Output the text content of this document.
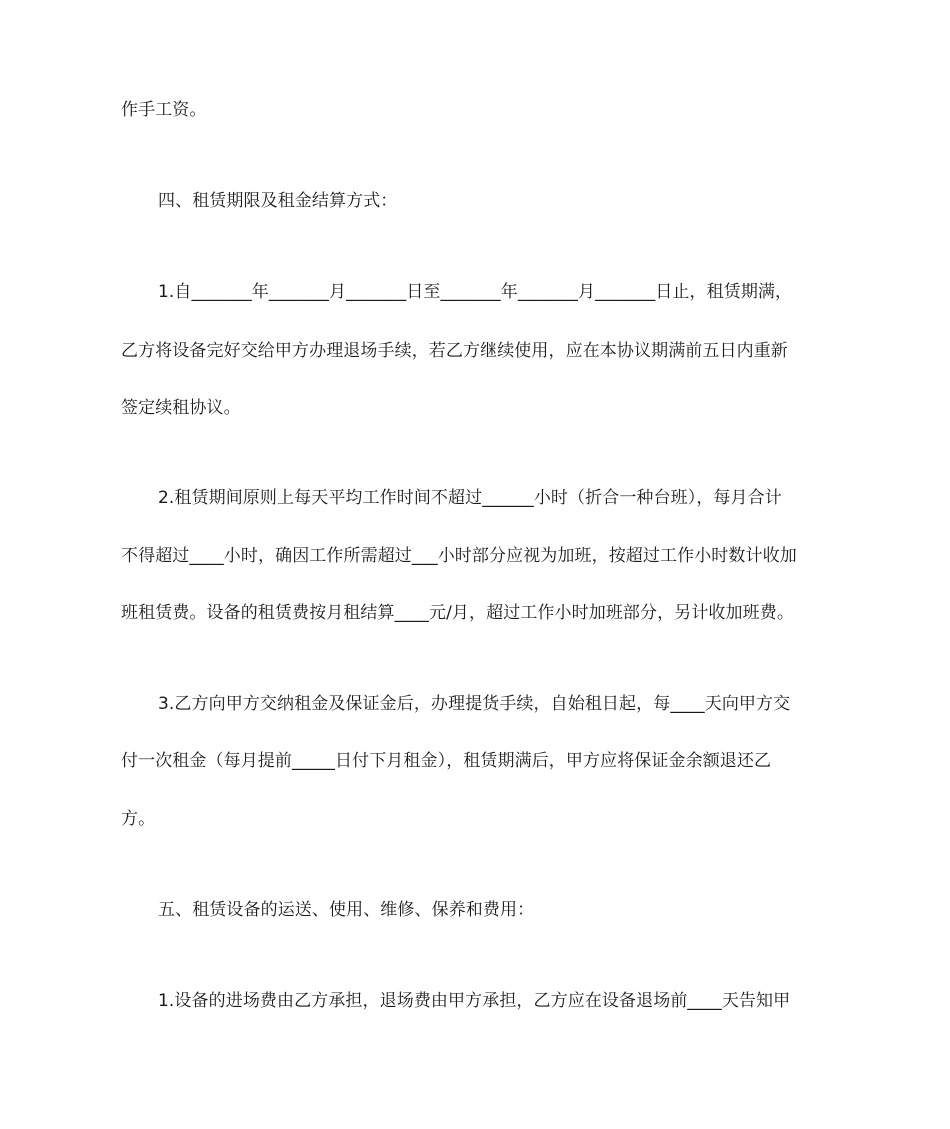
作手工资。
四、租赁期限及租金结算方式：
1.自_______年_______月_______日至_______年_______月_______日止，租赁期满，
乙方将设备完好交给甲方办理退场手续，若乙方继续使用，应在本协议期满前五日内重新
签定续租协议。
2.租赁期间原则上每天平均工作时间不超过______小时（折合一种台班），每月合计
不得超过____小时，确因工作所需超过___小时部分应视为加班，按超过工作小时数计收加
班租赁费。设备的租赁费按月租结算____元/月，超过工作小时加班部分，另计收加班费。
3.乙方向甲方交纳租金及保证金后，办理提货手续，自始租日起，每____天向甲方交
付一次租金（每月提前_____日付下月租金），租赁期满后，甲方应将保证金余额退还乙
方。
五、租赁设备的运送、使用、维修、保养和费用：
1.设备的进场费由乙方承担，退场费由甲方承担，乙方应在设备退场前____天告知甲
